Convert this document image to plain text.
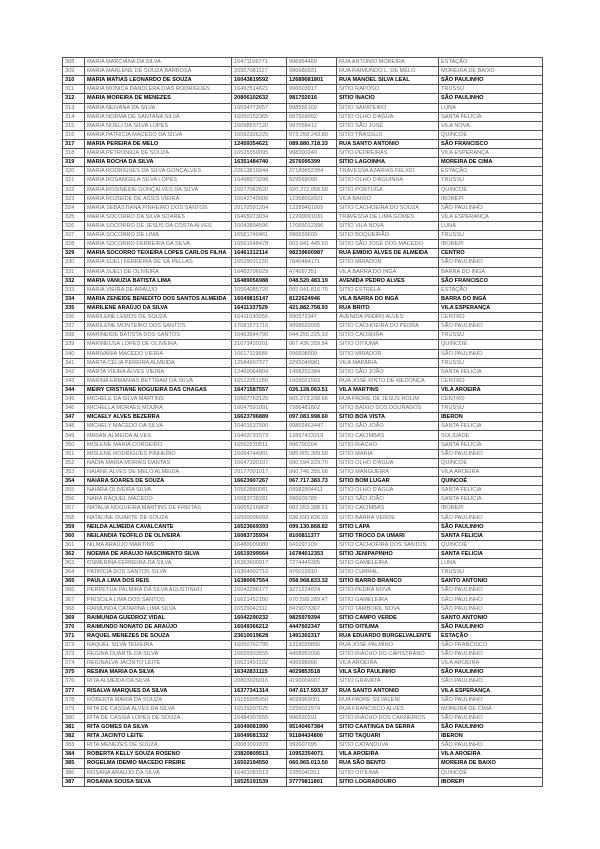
308	MARIA MARCIANA DA SILVA	16471166771	996964460	RUA ANTONIO MOREIRA	ESTAÇÃO
309	MARIA MARLENE DE SOUZA BARBOSA	20957081127	996680031	RUA RAIMUNDO L. DE MELO	MOREIRA DE BAIXO
310	MARIA MATIAS LEONARDO DE SOUZA	16043819592	12689081801	RUA MANOEL SILVA LEAL	SÃO PAULINHO
311	MARIA MONICA DANDLERA DIAS RODRIGUES	16497514621	996603917	SITIO RAPOSO	TRUSSU
312	MARIA MOREIRA DE MENEZES	20806102632	981702016	SITIO INACIO	SÃO PAULINHO
313	MARIA NEIVANA DA SILVA	16534773057	998556100	SITIO SAPATEIRO	LUNA
314	MARIA NORMA DE SANTANA SILVA	16050152365	997569092	SITIO OLHO D'AGUA	SANTA FELICIA
315	MARIA NOELI DA SILVA LOPES	16098537120	997058412	SITIO SÃO JOSÉ	VILA NOVA
316	MARIA PATRICIA MACEDO DA SILVA	16092326225	073.258.243.89	SITIO TRASSUJI	QUINCOÉ
317	MARIA PEREIRA DE MELO	12459354621	089.880.718.33	RUA SANTO ANTONIO	SÃO FRANCISCO
318	MARIA PETRONILIA DE SOUZA	16525350095	998300240	SITIO PEDREIRAS	VILA ESPERANÇA
319	MARIA ROCHA DA SILVA	16351484740	2576095399	SITIO LAGOINHA	MOREIRA DE CIMA
320	MARIA RODRIGUES DA SILVA GONÇALVES	22613810944	37189652304	TRAVESSA AZARIAS FELXIO	ESTAÇÃO
321	MARIA ROSANGELA SILVA LOPES	16498973298	929569090	SITIO OLHO D'AGUINHA	TRUSSU
322	MARIA ROSINEIDE GONÇALVES DA SILVA	16077062620	020.372.958.50	SITIO PORTUGA	QUINCOÉ
323	MARIA ROZIEIDE DE ASSIS VIEIRA	16042749006	12368002921	VILA BAIXIO	IBOREPI
324	MARIA SEBASTIANA PINHEIRO DOS SANTOS	20172591204	12289461009	SITIO CACHOEIRA DO SOUZA	SÃO PAULINHO
325	MARIA SOCORRO DA SILVA SOARES	16465073034	12200091031	TRAVESSA DE LIMA GOMES	VILA ESPERANÇA
326	MARIA SOCORRO DE JESUS DA COSTA ALVES	16043894596	17065012396	SITIO VILA NOVA	LUNA
327	MARIA SOCORRO DE LIMA	16561740461	996659609	SITIO BOQUEIRÃO	TRUSSU
328	MARIA SOCORRO FERREIRA DA SILVA	16561648478	002.041.445.50	SITIO SÃO JOSÉ DOS MACEDO	IBOREPI
329	MARIA SOCORRO TEIXEIRA LOPES CARLOS FILHA	16461312114	98239600987	RUA EMIDIO ALVES DE ALMEIDA	CENTRO
330	MARIA SUELI FERREIRA DE SÁ PELLAS	16529011230	7840484171	SITIO MIRADOR	SÃO PAULINHO
331	MARIA SUELI DE OLIVEIRA	16483706029	474097351	VILA BARRA DO INGÁ	BARRA DO INGÁ
332	MARIA VANUZIA BATISTA LIMA	16489056988	048.520.483.19	AVENIDA PEDRO ALVES	SÃO FRANCISCO
333	MARIA VIEIRA DE ARAÚJO	16564085720	005.041.816.70	SITIO ESTRELA	ESTAÇÃO
334	MARIA ZENEIDE BENEDITO DOS SANTOS ALMEIDA	16049815147	8122624946	VILA BARRA DO INGÁ	BARRA DO INGÁ
335	MARILENE ARAÚJO DA SILVA	16411337529	421.882.758.93	RUA BRITO	VILA ESPERANÇA
336	MARILENE LEMOS DE SOUZA	16411030056	990572347	AVENIDA PEDRO ALVES	CENTRO
337	MARILENE MONTEIRO DOS SANTOS	17081571716	9998692005	SITIO CACHOEIRA DO PEDRA	SÃO PAULINHO
338	MARINEIDE BATISTA DOS SANTOS	16463544790	044.255.225.93	SITIO CALDEIRA	TRUSSU
339	MARINEUSA LOPES DE OLIVEIRA	21071439201	067.436.259.84	SITIO OITIUMA	QUINCOÉ
340	MARIVANIA MACEDO VIEIRA	16617119686	996608009	SITIO MIRADOR	SÃO PAULINHO
341	MARTA CÉLIA PEREIRA ALMEIDA	12584997377	2295049981	VILA MAPARIA	TRUSSU
342	MARTA VIEIRA ALVES VIEIRA	12460064804	1498252384	SITIO SÃO JOÃO	SANTA FELICIA
343	MARINA ERMANIAS BETTRAM DA SILVA	16512351180	1665021503	RUA JOSÉ PINTO DE MEDONÇA	CENTRO
344	MEIRY CRISTIANE NOGUEIRA DAS CHAGAS	16471587557	026.128.063.51	VILA MARTINS	VILA AROEIRA
345	MICHELE DA SILVA MARTINS	16507763125	065.273.298.66	RUA PADRE DE JESUS ROLIM	CENTRO
346	MICHELLA MORAES MOURA	16047591091	7286481802	SITIO BAIXIO DOS DOURADOS	TRUSSU
347	MICAELY ALVES BEZERRA	16623796889	097.083.998.60	SITIO BOA VISTA	IBERON
348	MICHELY MACEDO DA SILVA	16401637500	99802463447	SITIO SÃO JOÃO	SANTA FELICIA
349	MIRIAN ALMEIDA ALVES	16402731573	12897423319	SITIO CACIMBAS	SOLIDADE
350	MISLENE MARIA CORDEIRO	16562230511	996700204	SITIO RIACHO	SANTA FELICIA
351	MISLENE RODRIGUES PINHEIRO	16064744901	085.005.309.50	SITIO MARIA	SÃO PAULINHO
352	NADIA MARIA MORAIS DANTAS	16047390107	090.594.229.70	SITIO OLHO D'AGUA	QUINCOÉ
353	NAIANE ALVES DE MELO ALMEIDA	20177001017	060.746.355.68	SITIO MANGUEIRA	VILA AROEIRA
354	NAIARA SOARES DE SOUZA	16623907267	067.717.383.73	SITIO BOM LUGAR	QUINCOÉ
355	NAIARA OLIVEIRA SILVA	16562880081	09982904411	SITIO OLHO D'AGUA	SANTA FELICIA
356	NARA RAQUEL MACEDO	16083738281	996609785	SITIO SÃO JOÃO	SANTA FELICIA
357	NATALIA NOGUEIRA MARTINS DE FREITAS	16065216863	082.053.288.51	SITIO CACIMBAS	IBOREPI
358	NATALINE DUARTE DE SOUZA	16500006093	036.693.826.03	SITIO BARRA VERDE	SÃO PAULINHO
359	NEILDA ALMEIDA CAVALCANTE	16523669393	099.130.868.82	SITIO LAPA	SÃO PAULINHO
360	NEILANDIA TEÓFILO DE OLIVEIRA	16083735934	8100811377	SITIO TROCO DA UMARI	SANTA FELICIA
361	NILMA ARAUJO MARTINS	16480009080	041097109	SITIO CACHOEIRA DOS SANTOS	QUINCOÉ
362	NOEMIA DE ARAUJO NASCIMENTO SILVA	16619399564	16784012353	SITIO JENIPAPINHO	SANTA FELICIA
363	OSMERINA FERREIRA DA SILVA	16363600917	7274449395	SITIO GAMELEIRA	LUNA
364	PATRÍCIA DOS SANTOS SILVA	16364002716	476010910	SITIO CURRAL	TRUSSU
365	PAULA LIMA DOS REIS	16380067554	058.968.833.32	SITIO BARRO BRANCO	SANTO ANTONIO
366	PERPETUA PALMIRA DA SILVA AGUSTINHO	16042296177	3271224024	SITIO PEDRA NOVA	SÃO PAULINHO
367	PRISCILA LIMA DOS SANTOS	16621452180	070.599.289.47	SITIO GAMELEIRA	SÃO PAULINHO
368	RAIMUNDA CATARINA LIMA SILVA	16529042111	8479073367	SITIO TAMBORIL NOVA	SÃO PAULINHO
369	RAIMUNDA GUEDROZ VIDAL	16042290232	9825979394	SITIO CAMPO VERDE	SANTO ANTONIO
370	RAIMUNDO NONATO DE ARAÚJO	16049366212	4447602347	SITIO OITIUMA	SÃO PAULINHO
371	RAQUEL MENEZES DE SOUZA	23610019628	1491302317	RUA EDUARDO BURGELVALENTE	ESTAÇÃO
372	RAQUEL SILVA TEIXEIRA	16050762795	1219039856	RUA JOSÉ PALMINO	SÃO FRANCISCO
373	REGINA DUARTE DA SILVA	16659303555	4458952006	SITIO RIACHO DO CAPISTRANO	SÃO PAULINHO
374	REGINALVA JACINTO LEITE	16621491102	496598090	VILA AROEIRA	VILA AROEIRA
375	RESINA MARIA DA SILVA	16342831115	4029853518	VILA SÃO PAULINHO	SÃO PAULINHO
376	RITA ALMEIDA DA SILVA	20803026016	4190004907	SITIO GRAVATÁ	SÃO PAULINHO
377	RISALVA MARQUES DA SILVA	16377341314	047.617.593.37	RUA SANTO ANTONIO	VILA ESPERANÇA
378	ROBERTA MARIA DA SOUZA	16155905950	4699969001	RUA PADRE SILVALENI	SÃO PAULINHO
379	RITA DE CASSIA ALVES DA SILVA	16539207625	2299022974	RUA FRANCISCO ALVES	MOREIRA DE CIMA
380	RITA DE CASSIA LOPES DE SOUZA	16484307555	996620291	SITIO RIACHO DOS CARNEIROS	SÃO PAULINHO
381	RITA GOMES DA SILVA	16049081990	95140467384	SITIO CAATINGA DA SERRA	SÃO PAULINHO
382	RITA JACINTO LEITE	16049081332	91184434800	SITIO TAQUARI	IBERON
383	RITA MENEZES DE SOUZA	20081091870	992607095	SITIO CATANDUVA	SÃO PAULINHO
384	ROBERTA KELLY SOUZA ROSENO	23820809513	10952354071	VILA AROEIRA	VILA AROEIRA
385	ROGELMA IDEMIO MACEDO FREIRE	16502194550	060.965.013.50	RUA SÃO BENTO	MOREIRA DE BAIXO
386	ROSANA ARAUJO DA SILVA	16461081513	2285040311	SITIO OITIUMA	QUINCOÉ
387	ROSANIA SOUSA SILVA	16525191539	37779811801	SITIO LOGRADOURO	IBOREPI
